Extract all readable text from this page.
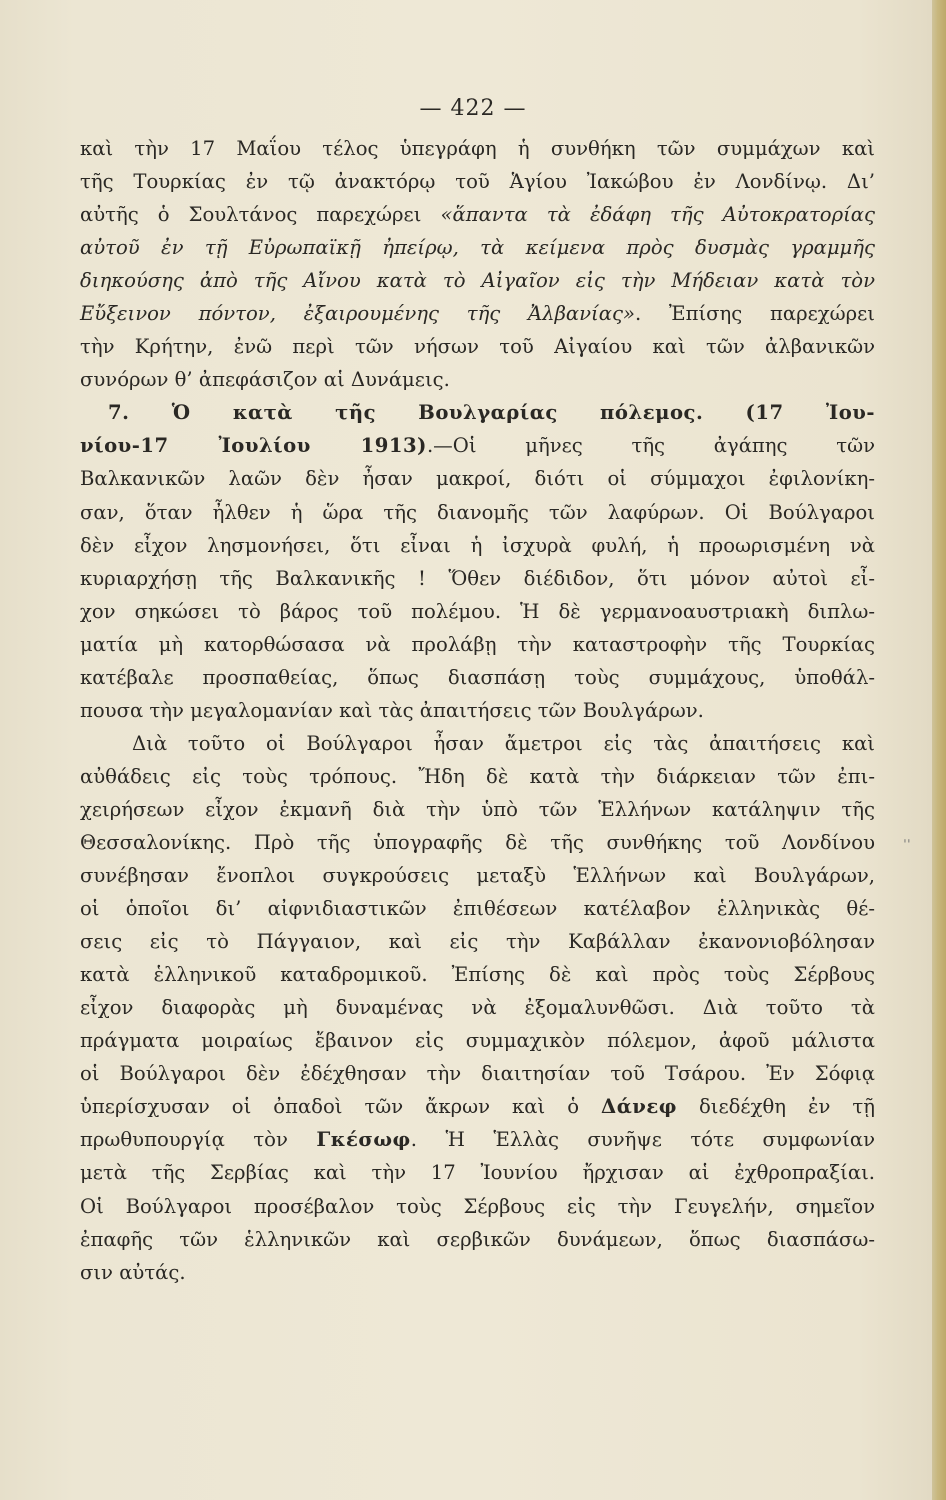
— 422 —
καὶ τὴν 17 Μαΐου τέλος ὑπεγράφη ἡ συνθήκη τῶν συμμάχων καὶ
τῆς Τουρκίας ἐν τῷ ἀνακτόρῳ τοῦ Ἁγίου Ἰακώβου ἐν Λονδίνῳ. Δι’
αὐτῆς ὁ Σουλτάνος παρεχώρει «ἅπαντα τὰ ἐδάφη τῆς Αὐτοκρατορίας
αὐτοῦ ἐν τῇ Εὐρωπαϊκῇ ἠπείρῳ, τὰ κείμενα πρὸς δυσμὰς γραμμῆς
διηκούσης ἀπὸ τῆς Αἴνου κατὰ τὸ Αἰγαῖον εἰς τὴν Μήδειαν κατὰ τὸν
Εὔξεινον πόντον, ἐξαιρουμένης τῆς Ἀλβανίας». Ἐπίσης παρεχώρει
τὴν Κρήτην, ἐνῶ περὶ τῶν νήσων τοῦ Αἰγαίου καὶ τῶν ἀλβανικῶν
συνόρων θ’ ἀπεφάσιζον αἱ Δυνάμεις.
7. Ὁ κατὰ τῆς Βουλγαρίας πόλεμος. (17 Ἰου-
νίου-17 Ἰουλίου 1913).—Οἱ μῆνες τῆς ἀγάπης τῶν
Βαλκανικῶν λαῶν δὲν ἦσαν μακροί, διότι οἱ σύμμαχοι ἐφιλονίκη-
σαν, ὅταν ἦλθεν ἡ ὥρα τῆς διανομῆς τῶν λαφύρων. Οἱ Βούλγαροι
δὲν εἶχον λησμονήσει, ὅτι εἶναι ἡ ἰσχυρὰ φυλή, ἡ προωρισμένη νὰ
κυριαρχήσῃ τῆς Βαλκανικῆς ! Ὅθεν διέδιδον, ὅτι μόνον αὐτοὶ εἶ-
χον σηκώσει τὸ βάρος τοῦ πολέμου. Ἡ δὲ γερμανοαυστριακὴ διπλω-
ματία μὴ κατορθώσασα νὰ προλάβῃ τὴν καταστροφὴν τῆς Τουρκίας
κατέβαλε προσπαθείας, ὅπως διασπάσῃ τοὺς συμμάχους, ὑποθάλ-
πουσα τὴν μεγαλομανίαν καὶ τὰς ἀπαιτήσεις τῶν Βουλγάρων.
Διὰ τοῦτο οἱ Βούλγαροι ἦσαν ἄμετροι εἰς τὰς ἀπαιτήσεις καὶ
αὐθάδεις εἰς τοὺς τρόπους. Ἤδη δὲ κατὰ τὴν διάρκειαν τῶν ἐπι-
χειρήσεων εἶχον ἐκμανῆ διὰ τὴν ὑπὸ τῶν Ἑλλήνων κατάληψιν τῆς
Θεσσαλονίκης. Πρὸ τῆς ὑπογραφῆς δὲ τῆς συνθήκης τοῦ Λονδίνου
συνέβησαν ἔνοπλοι συγκρούσεις μεταξὺ Ἑλλήνων καὶ Βουλγάρων,
οἱ ὁποῖοι δι’ αἰφνιδιαστικῶν ἐπιθέσεων κατέλαβον ἑλληνικὰς θέ-
σεις εἰς τὸ Πάγγαιον, καὶ εἰς τὴν Καβάλλαν ἐκανονιοβόλησαν
κατὰ ἑλληνικοῦ καταδρομικοῦ. Ἐπίσης δὲ καὶ πρὸς τοὺς Σέρβους
εἶχον διαφορὰς μὴ δυναμένας νὰ ἐξομαλυνθῶσι. Διὰ τοῦτο τὰ
πράγματα μοιραίως ἔβαινον εἰς συμμαχικὸν πόλεμον, ἀφοῦ μάλιστα
οἱ Βούλγαροι δὲν ἐδέχθησαν τὴν διαιτησίαν τοῦ Τσάρου. Ἐν Σόφιᾳ
ὑπερίσχυσαν οἱ ὀπαδοὶ τῶν ἄκρων καὶ ὁ Δάνεφ διεδέχθη ἐν τῇ
πρωθυπουργίᾳ τὸν Γκέσωφ. Ἡ Ἑλλὰς συνῆψε τότε συμφωνίαν
μετὰ τῆς Σερβίας καὶ τὴν 17 Ἰουνίου ἤρχισαν αἱ ἐχθροπραξίαι.
Οἱ Βούλγαροι προσέβαλον τοὺς Σέρβους εἰς τὴν Γευγελήν, σημεῖον
ἐπαφῆς τῶν ἑλληνικῶν καὶ σερβικῶν δυνάμεων, ὅπως διασπάσω-
σιν αὐτάς.
ˈˈ
